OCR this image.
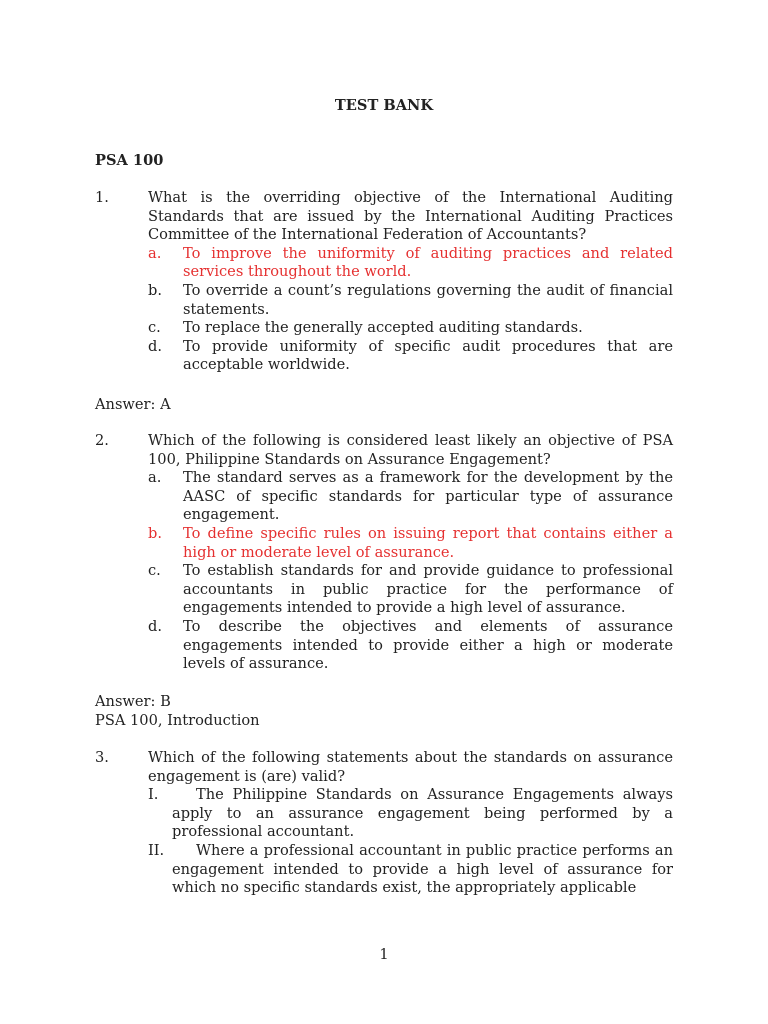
TEST BANK
PSA 100
1.	What is the overriding objective of the International Auditing Standards that are issued by the International Auditing Practices Committee of the International Federation of Accountants?
a.	To improve the uniformity of auditing practices and related services throughout the world.
b.	To override a count’s regulations governing the audit of financial statements.
c.	To replace the generally accepted auditing standards.
d.	To provide uniformity of specific audit procedures that are acceptable worldwide.
Answer: A
2.	Which of the following is considered least likely an objective of PSA 100, Philippine Standards on Assurance Engagement?
a.	The standard serves as a framework for the development by the AASC of specific standards for particular type of assurance engagement.
b.	To define specific rules on issuing report that contains either a high or moderate level of assurance.
c.	To establish standards for and provide guidance to professional accountants in public practice for the performance of engagements intended to provide a high level of assurance.
d.	To describe the objectives and elements of assurance engagements intended to provide either a high or moderate levels of assurance.
Answer: B
PSA 100, Introduction
3.	Which of the following statements about the standards on assurance engagement is (are) valid?
I.	The Philippine Standards on Assurance Engagements always apply to an assurance engagement being performed by a professional accountant.
II.	Where a professional accountant in public practice performs an engagement intended to provide a high level of assurance for which no specific standards exist, the appropriately applicable
1
